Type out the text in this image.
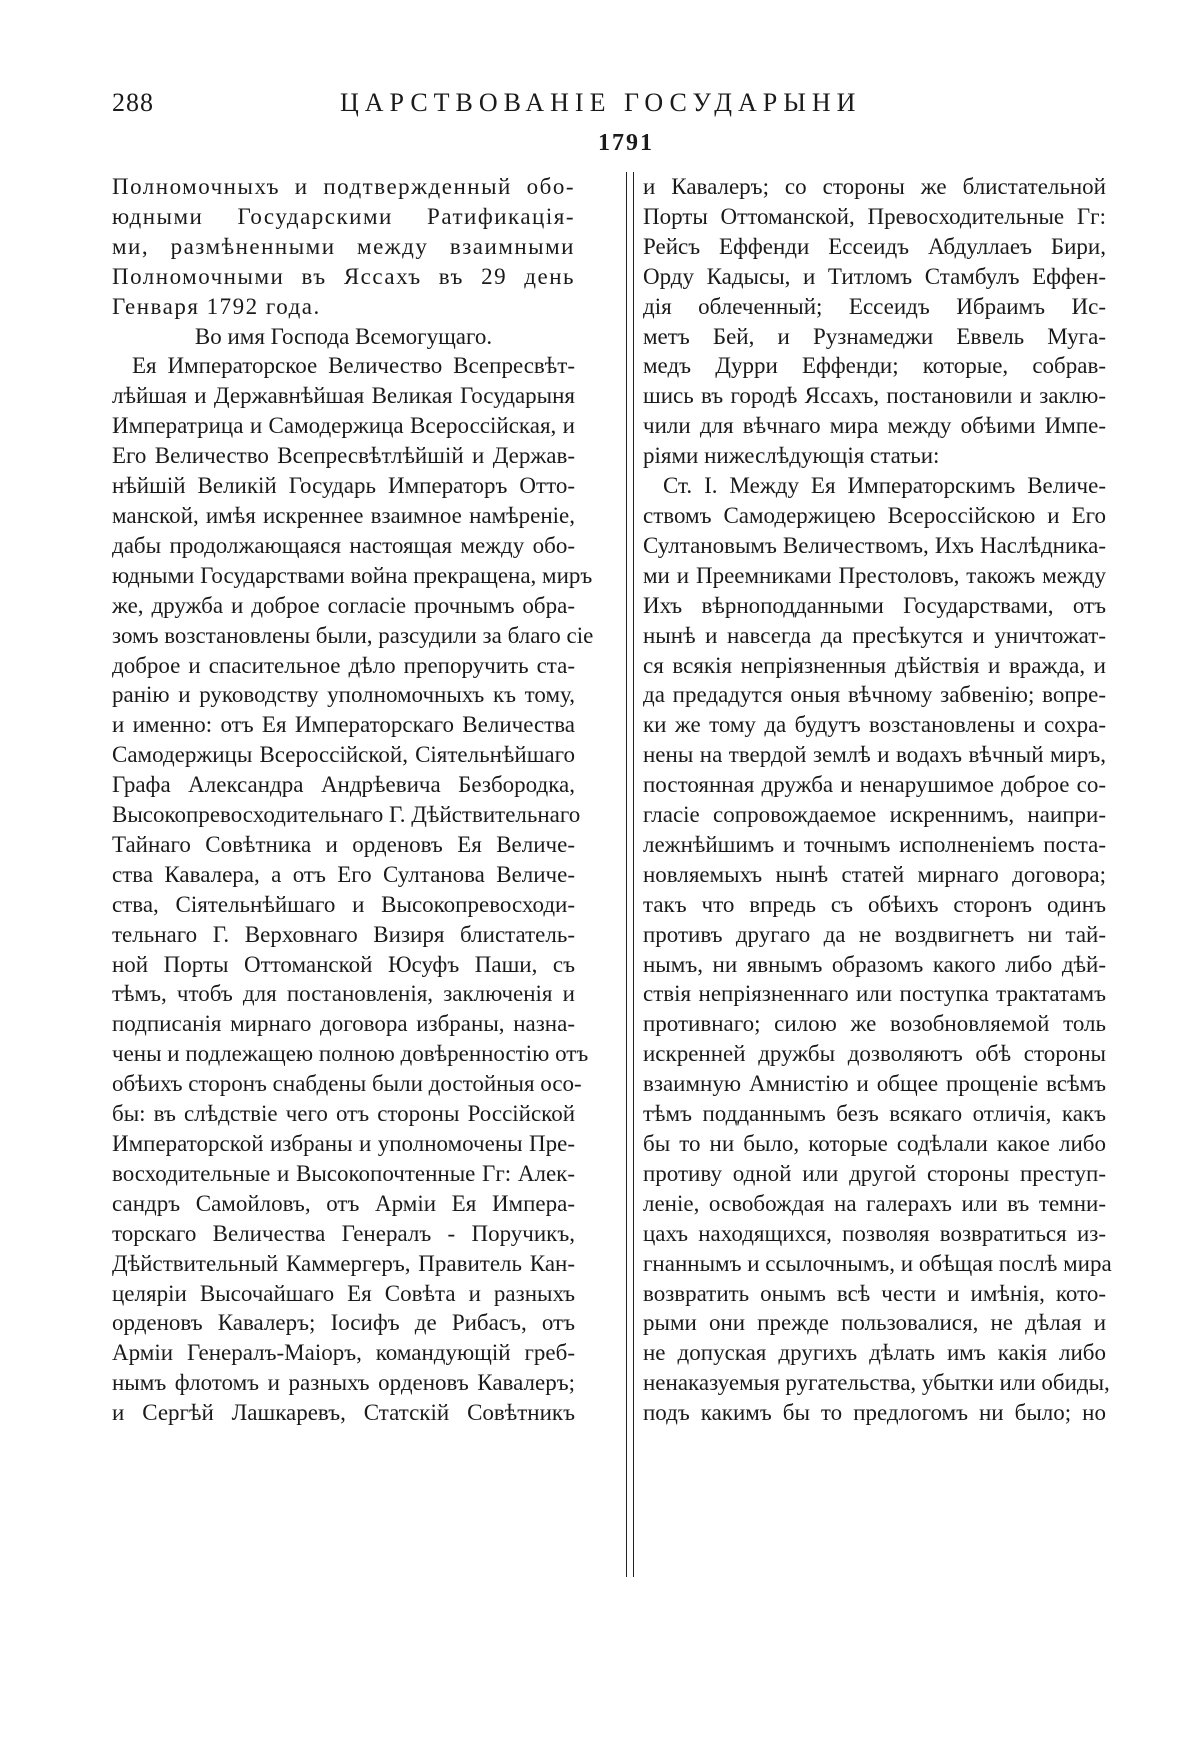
288	ЦАРСТВОВАНІЕ ГОСУДАРЫНИ
1791
Полномочныхъ и подтвержденный обо-
юдными Государскими Ратификація-
ми, размѣненными между взаимными
Полномочными въ Яссахъ въ 29 день
Генваря 1792 года.
Во имя Господа Всемогущаго.
Ея Императорское Величество Всепресвѣт-
лѣйшая и Державнѣйшая Великая Государыня
Императрица и Самодержица Всероссійская, и
Его Величество Всепресвѣтлѣйшій и Держав-
нѣйшій Великій Государь Императоръ Отто-
манской, имѣя искреннее взаимное намѣреніе,
дабы продолжающаяся настоящая между обо-
юдными Государствами война прекращена, миръ
же, дружба и доброе согласіе прочнымъ обра-
зомъ возстановлены были, разсудили за благо сіе
доброе и спасительное дѣло препоручить ста-
ранію и руководству уполномочныхъ къ тому,
и именно: отъ Ея Императорскаго Величества
Самодержицы Всероссійской, Сіятельнѣйшаго
Графа Александра Андрѣевича Безбородка,
Высокопревосходительнаго Г. Дѣйствительнаго
Тайнаго Совѣтника и орденовъ Ея Величе-
ства Кавалера, а отъ Его Султанова Величе-
ства, Сіятельнѣйшаго и Высокопревосходи-
тельнаго Г. Верховнаго Визиря блистатель-
ной Порты Оттоманской Юсуфъ Паши, съ
тѣмъ, чтобъ для постановленія, заключенія и
подписанія мирнаго договора избраны, назна-
чены и подлежащею полною довѣренностію отъ
обѣихъ сторонъ снабдены были достойныя осо-
бы: въ слѣдствіе чего отъ стороны Россійской
Императорской избраны и уполномочены Пре-
восходительные и Высокопочтенные Гг: Алек-
сандръ Самойловъ, отъ Арміи Ея Импера-
торскаго Величества Генералъ - Поручикъ,
Дѣйствительный Каммергеръ, Правитель Кан-
целяріи Высочайшаго Ея Совѣта и разныхъ
орденовъ Кавалеръ; Іосифъ де Рибасъ, отъ
Арміи Генералъ-Маіоръ, командующій греб-
нымъ флотомъ и разныхъ орденовъ Кавалеръ;
и Сергѣй Лашкаревъ, Статскій Совѣтникъ
и Кавалеръ; со стороны же блистательной
Порты Оттоманской, Превосходительные Гг:
Рейсъ Еффенди Ессеидъ Абдуллаеъ Бири,
Орду Кадысы, и Титломъ Стамбулъ Еффен-
дія облеченный; Ессеидъ Ибраимъ Ис-
метъ Бей, и Рузнамеджи Еввель Муга-
медъ Дурри Еффенди; которые, собрав-
шись въ городѣ Яссахъ, постановили и заклю-
чили для вѣчнаго мира между обѣими Импе-
ріями нижеслѣдующія статьи:
Ст. I. Между Ея Императорскимъ Величе-
ствомъ Самодержицею Всероссійскою и Его
Султановымъ Величествомъ, Ихъ Наслѣдника-
ми и Преемниками Престоловъ, такожъ между
Ихъ вѣрноподданными Государствами, отъ
нынѣ и навсегда да пресѣкутся и уничтожат-
ся всякія непріязненныя дѣйствія и вражда, и
да предадутся оныя вѣчному забвенію; вопре-
ки же тому да будутъ возстановлены и сохра-
нены на твердой землѣ и водахъ вѣчный миръ,
постоянная дружба и ненарушимое доброе со-
гласіе сопровождаемое искреннимъ, наипри-
лежнѣйшимъ и точнымъ исполненіемъ поста-
новляемыхъ нынѣ статей мирнаго договора;
такъ что впредь съ обѣихъ сторонъ одинъ
противъ другаго да не воздвигнетъ ни тай-
нымъ, ни явнымъ образомъ какого либо дѣй-
ствія непріязненнаго или поступка трактатамъ
противнаго; силою же возобновляемой толь
искренней дружбы дозволяютъ обѣ стороны
взаимную Амнистію и общее прощеніе всѣмъ
тѣмъ подданнымъ безъ всякаго отличія, какъ
бы то ни было, которые содѣлали какое либо
противу одной или другой стороны преступ-
леніе, освобождая на галерахъ или въ темни-
цахъ находящихся, позволяя возвратиться из-
гнаннымъ и ссылочнымъ, и обѣщая послѣ мира
возвратить онымъ всѣ чести и имѣнія, кото-
рыми они прежде пользовалися, не дѣлая и
не допуская другихъ дѣлать имъ какія либо
ненаказуемыя ругательства, убытки или обиды,
подъ какимъ бы то предлогомъ ни было; но
